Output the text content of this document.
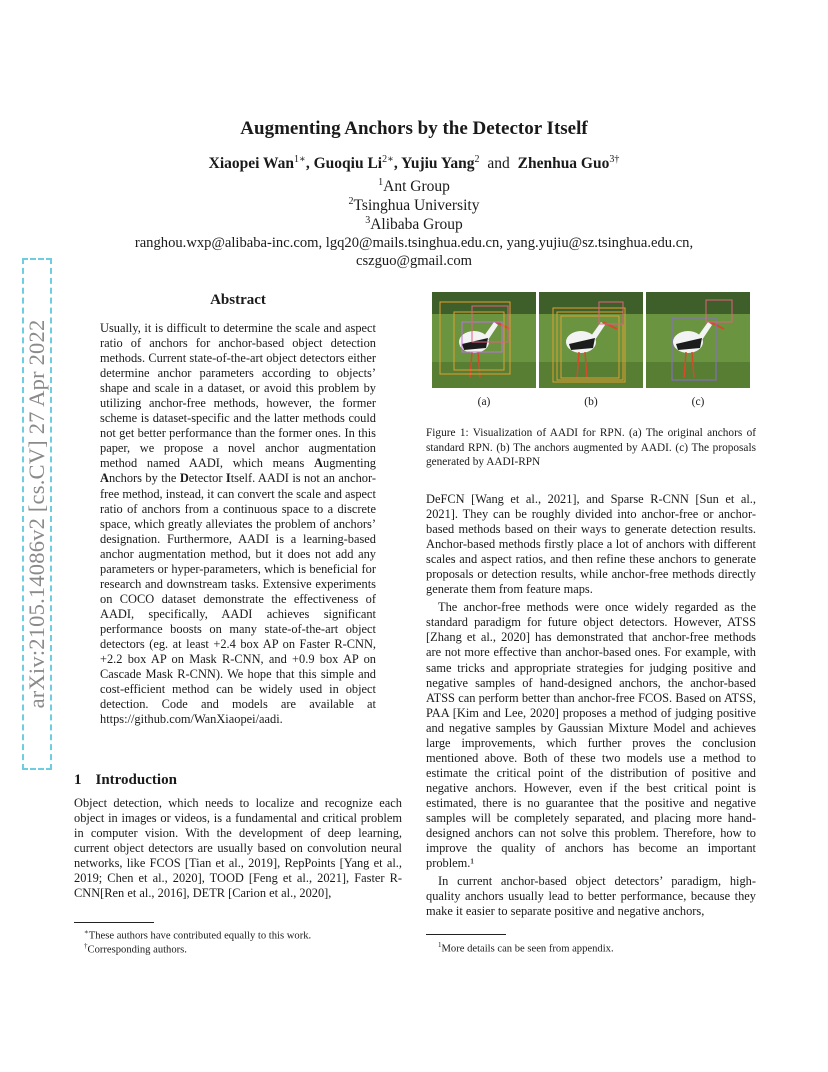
arXiv:2105.14086v2 [cs.CV] 27 Apr 2022
Augmenting Anchors by the Detector Itself
Xiaopei Wan$^{1∗}$, Guoqiu $Li^{2∗}$, Yujiu Yang$^2$ and Zhenhua Guo$^{3\dagger}$
$^1$Ant Group
$^2$Tsinghua University
$^3$Alibaba Group
ranghou.wxp@alibaba-inc.com, lgq20@mails.tsinghua.edu.cn, yang.yujiu@sz.tsinghua.edu.cn, cszguo@gmail.com
Abstract

Usually, it is difficult to determine the scale and aspect ratio of anchors for anchor-based object detection methods. Current state-of-the-art object detectors either determine anchor parameters according to objects’ shape and scale in a dataset, or avoid this problem by utilizing anchor-free methods, however, the former scheme is dataset-specific and the latter methods could not get better performance than the former ones. In this paper, we propose a novel anchor augmentation method named AADI, which means Augmenting Anchors by the Detector Itself. AADI is not an anchor-free method, instead, it can convert the scale and aspect ratio of anchors from a continuous space to a discrete space, which greatly alleviates the problem of anchors’ designation. Furthermore, AADI is a learning-based anchor augmentation method, but it does not add any parameters or hyper-parameters, which is beneficial for research and downstream tasks. Extensive experiments on COCO dataset demonstrate the effectiveness of AADI, specifically, AADI achieves significant performance boosts on many state-of-the-art object detectors (eg. at least +2.4 box AP on Faster R-CNN, +2.2 box AP on Mask R-CNN, and +0.9 box AP on Cascade Mask R-CNN). We hope that this simple and cost-efficient method can be widely used in object detection. Code and models are available at https://github.com/WanXiaopei/aadi.

1 Introduction

Object detection, which needs to localize and recognize each object in images or videos, is a fundamental and critical problem in computer vision. With the development of deep learning, current object detectors are usually based on convolution neural networks, like FCOS [Tian et al., 2019], RepPoints [Yang et al., 2019; Chen et al., 2020], TOOD [Feng et al., 2021], Faster R-CNN[Ren et al., 2016], DETR [Carion et al., 2020],

∗These authors have contributed equally to this work.
†Corresponding authors.
(a)	(b)	(c)
Figure 1: Visualization of AADI for RPN. (a) The original anchors of standard RPN. (b) The anchors augmented by AADI. (c) The proposals generated by AADI-RPN

DeFCN [Wang et al., 2021], and Sparse R-CNN [Sun et al., 2021]. They can be roughly divided into anchor-free or anchor-based methods based on their ways to generate detection results. Anchor-based methods firstly place a lot of anchors with different scales and aspect ratios, and then refine these anchors to generate proposals or detection results, while anchor-free methods directly generate them from feature maps.

The anchor-free methods were once widely regarded as the standard paradigm for future object detectors. However, ATSS [Zhang et al., 2020] has demonstrated that anchor-free methods are not more effective than anchor-based ones. For example, with same tricks and appropriate strategies for judging positive and negative samples of hand-designed anchors, the anchor-based ATSS can perform better than anchor-free FCOS. Based on ATSS, PAA [Kim and Lee, 2020] proposes a method of judging positive and negative samples by Gaussian Mixture Model and achieves large improvements, which further proves the conclusion mentioned above. Both of these two models use a method to estimate the critical point of the distribution of positive and negative anchors. However, even if the best critical point is estimated, there is no guarantee that the positive and negative samples will be completely separated, and placing more hand-designed anchors can not solve this problem. Therefore, how to improve the quality of anchors has become an important problem.¹

In current anchor-based object detectors’ paradigm, high-quality anchors usually lead to better performance, because they make it easier to separate positive and negative anchors,

$^1$More details can be seen from appendix.
